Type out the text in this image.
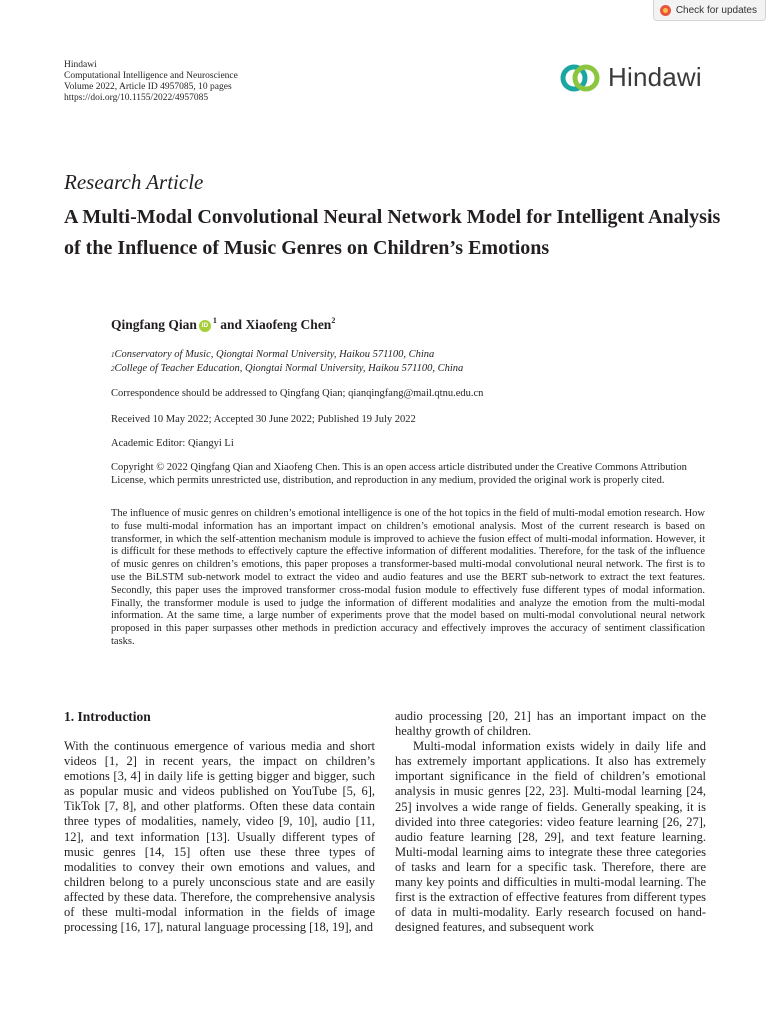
Check for updates
Hindawi
Computational Intelligence and Neuroscience
Volume 2022, Article ID 4957085, 10 pages
https://doi.org/10.1155/2022/4957085
Hindawi
Research Article
A Multi-Modal Convolutional Neural Network Model for Intelligent Analysis of the Influence of Music Genres on Children’s Emotions
Qingfang Qian iD
$^1$ and Xiaofeng Chen$^2$
$^1$Conservatory of Music, Qiongtai Normal University, Haikou 571100, China
$^2$College of Teacher Education, Qiongtai Normal University, Haikou 571100, China
Correspondence should be addressed to Qingfang Qian; qianqingfang@mail.qtnu.edu.cn
Received 10 May 2022; Accepted 30 June 2022; Published 19 July 2022
Academic Editor: Qiangyi Li
Copyright © 2022 Qingfang Qian and Xiaofeng Chen. This is an open access article distributed under the Creative Commons Attribution License, which permits unrestricted use, distribution, and reproduction in any medium, provided the original work is properly cited.
The influence of music genres on children’s emotional intelligence is one of the hot topics in the field of multi-modal emotion research. How to fuse multi-modal information has an important impact on children’s emotional analysis. Most of the current research is based on transformer, in which the self-attention mechanism module is improved to achieve the fusion effect of multi-modal information. However, it is difficult for these methods to effectively capture the effective information of different modalities. Therefore, for the task of the influence of music genres on children’s emotions, this paper proposes a transformer-based multi-modal convolutional neural network. The first is to use the BiLSTM sub-network model to extract the video and audio features and use the BERT sub-network to extract the text features. Secondly, this paper uses the improved transformer cross-modal fusion module to effectively fuse different types of modal information. Finally, the transformer module is used to judge the information of different modalities and analyze the emotion from the multi-modal information. At the same time, a large number of experiments prove that the model based on multi-modal convolutional neural network proposed in this paper surpasses other methods in prediction accuracy and effectively improves the accuracy of sentiment classification tasks.
1. Introduction

With the continuous emergence of various media and short videos [1, 2] in recent years, the impact on children’s emotions [3, 4] in daily life is getting bigger and bigger, such as popular music and videos published on YouTube [5, 6], TikTok [7, 8], and other platforms. Often these data contain three types of modalities, namely, video [9, 10], audio [11, 12], and text information [13]. Usually different types of music genres [14, 15] often use these three types of modalities to convey their own emotions and values, and children belong to a purely unconscious state and are easily affected by these data. Therefore, the comprehensive analysis of these multi-modal information in the fields of image processing [16, 17], natural language processing [18, 19], and

audio processing [20, 21] has an important impact on the healthy growth of children.

Multi-modal information exists widely in daily life and has extremely important applications. It also has extremely important significance in the field of children’s emotional analysis in music genres [22, 23]. Multi-modal learning [24, 25] involves a wide range of fields. Generally speaking, it is divided into three categories: video feature learning [26, 27], audio feature learning [28, 29], and text feature learning. Multi-modal learning aims to integrate these three categories of tasks and learn for a specific task. Therefore, there are many key points and difficulties in multi-modal learning. The first is the extraction of effective features from different types of data in multi-modality. Early research focused on hand-designed features, and subsequent work
